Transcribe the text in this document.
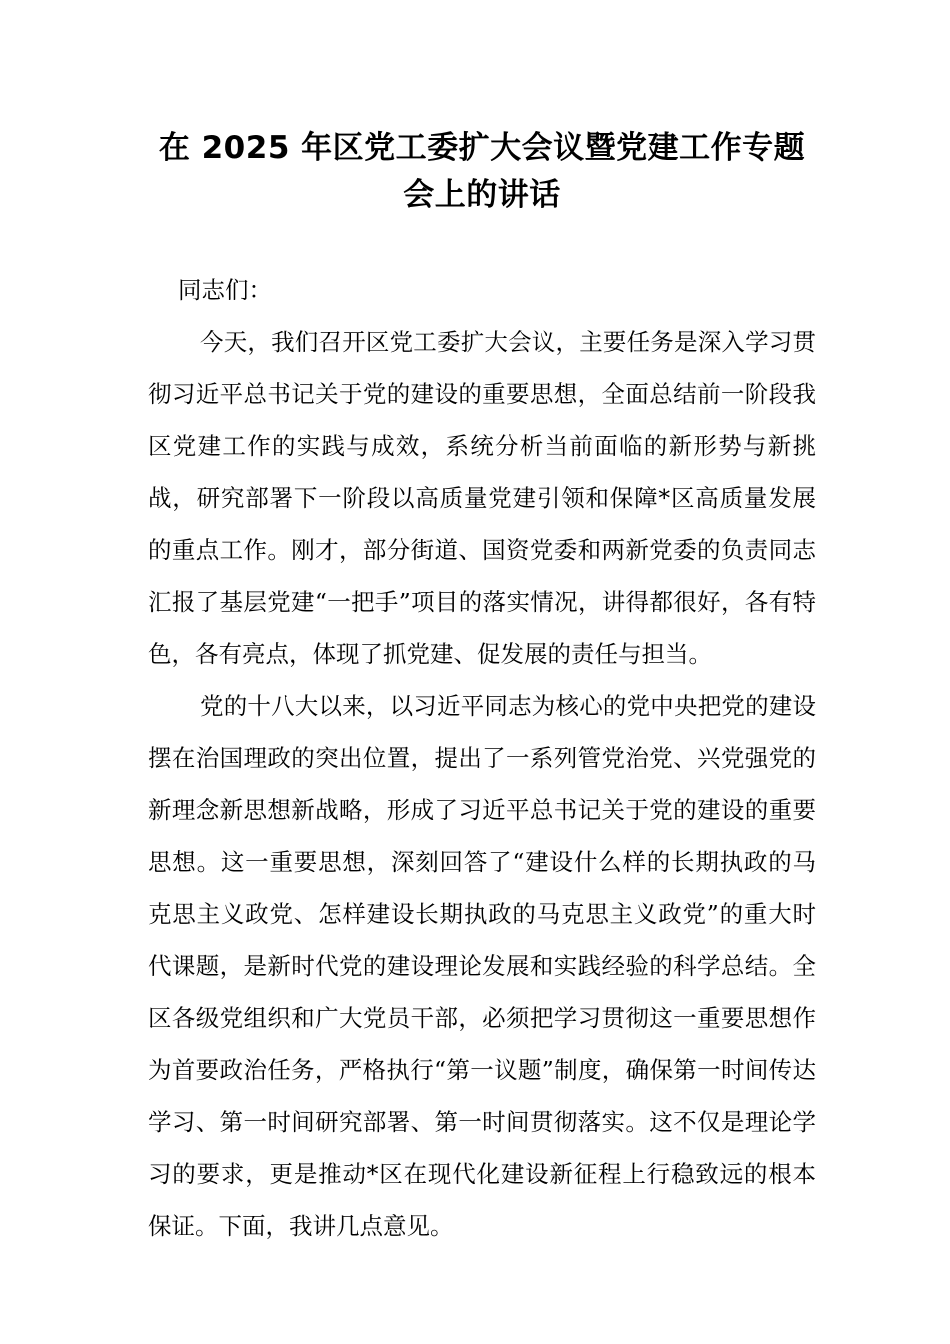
在 2025 年区党工委扩大会议暨党建工作专题会上的讲话

同志们：

今天，我们召开区党工委扩大会议，主要任务是深入学习贯彻习近平总书记关于党的建设的重要思想，全面总结前一阶段我区党建工作的实践与成效，系统分析当前面临的新形势与新挑战，研究部署下一阶段以高质量党建引领和保障*区高质量发展的重点工作。刚才，部分街道、国资党委和两新党委的负责同志汇报了基层党建“一把手”项目的落实情况，讲得都很好，各有特色，各有亮点，体现了抓党建、促发展的责任与担当。

党的十八大以来，以习近平同志为核心的党中央把党的建设摆在治国理政的突出位置，提出了一系列管党治党、兴党强党的新理念新思想新战略，形成了习近平总书记关于党的建设的重要思想。这一重要思想，深刻回答了“建设什么样的长期执政的马克思主义政党、怎样建设长期执政的马克思主义政党”的重大时代课题，是新时代党的建设理论发展和实践经验的科学总结。全区各级党组织和广大党员干部，必须把学习贯彻这一重要思想作为首要政治任务，严格执行“第一议题”制度，确保第一时间传达学习、第一时间研究部署、第一时间贯彻落实。这不仅是理论学习的要求，更是推动*区在现代化建设新征程上行稳致远的根本保证。下面，我讲几点意见。
